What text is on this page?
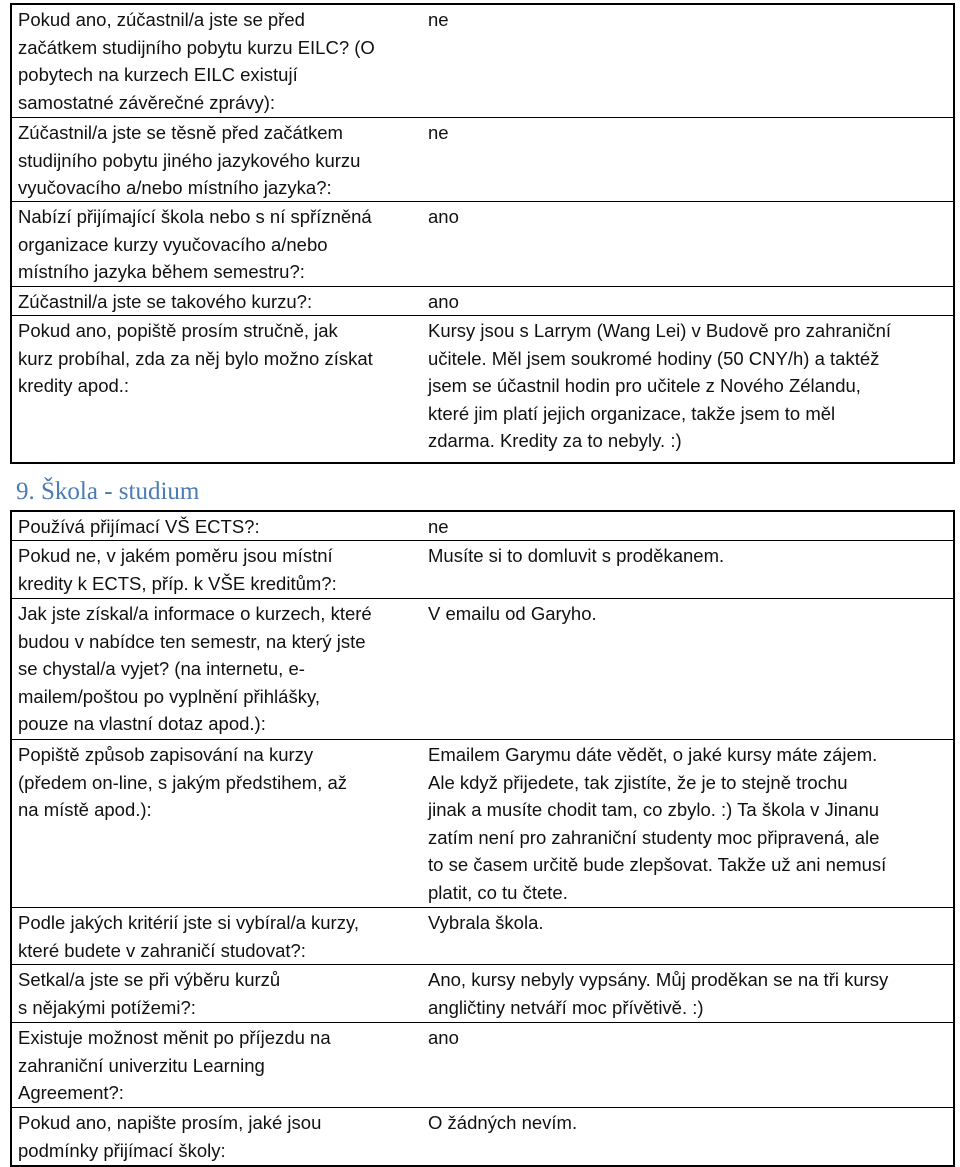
Pokud ano, zúčastnil/a jste se před
začátkem studijního pobytu kurzu EILC? (O
pobytech na kurzech EILC existují
samostatné závěrečné zprávy):
ne
Zúčastnil/a jste se těsně před začátkem
studijního pobytu jiného jazykového kurzu
vyučovacího a/nebo místního jazyka?:
ne
Nabízí přijímající škola nebo s ní spřízněná
organizace kurzy vyučovacího a/nebo
místního jazyka během semestru?:
ano
Zúčastnil/a jste se takového kurzu?:	ano
Pokud ano, popiště prosím stručně, jak
kurz probíhal, zda za něj bylo možno získat
kredity apod.:
Kursy jsou s Larrym (Wang Lei) v Budově pro zahraniční
učitele. Měl jsem soukromé hodiny (50 CNY/h) a taktéž
jsem se účastnil hodin pro učitele z Nového Zélandu,
které jim platí jejich organizace, takže jsem to měl
zdarma. Kredity za to nebyly. :)
9. Škola - studium
Používá přijímací VŠ ECTS?:	ne
Pokud ne, v jakém poměru jsou místní
kredity k ECTS, příp. k VŠE kreditům?:
Musíte si to domluvit s proděkanem.
Jak jste získal/a informace o kurzech, které
budou v nabídce ten semestr, na který jste
se chystal/a vyjet? (na internetu, e-
mailem/poštou po vyplnění přihlášky,
pouze na vlastní dotaz apod.):
V emailu od Garyho.
Popiště způsob zapisování na kurzy
(předem on-line, s jakým předstihem, až
na místě apod.):
Emailem Garymu dáte vědět, o jaké kursy máte zájem.
Ale když přijedete, tak zjistíte, že je to stejně trochu
jinak a musíte chodit tam, co zbylo. :) Ta škola v Jinanu
zatím není pro zahraniční studenty moc připravená, ale
to se časem určitě bude zlepšovat. Takže už ani nemusí
platit, co tu čtete.
Podle jakých kritérií jste si vybíral/a kurzy,
které budete v zahraničí studovat?:
Vybrala škola.
Setkal/a jste se při výběru kurzů
s nějakými potížemi?:
Ano, kursy nebyly vypsány. Můj proděkan se na tři kursy
angličtiny netváří moc přívětivě. :)
Existuje možnost měnit po příjezdu na
zahraniční univerzitu Learning
Agreement?:
ano
Pokud ano, napište prosím, jaké jsou
podmínky přijímací školy:
O žádných nevím.
